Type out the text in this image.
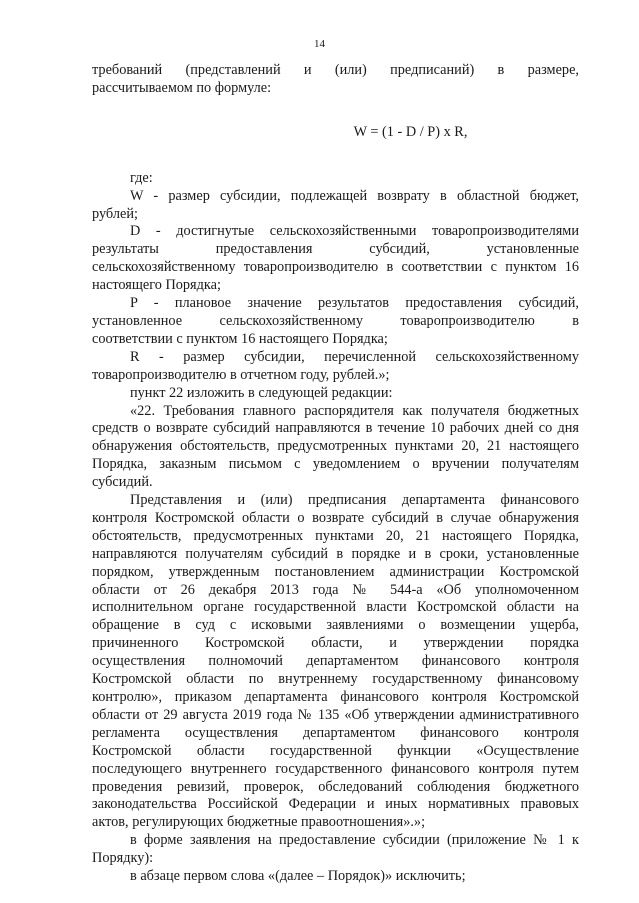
14

требований (представлений и (или) предписаний) в размере,

рассчитываемом по формуле:

W = (1 - D / P) x R,

где:

W - размер субсидии, подлежащей возврату в областной бюджет,

рублей;

D - достигнутые сельскохозяйственными товаропроизводителями

результаты предоставления субсидий, установленные

сельскохозяйственному товаропроизводителю в соответствии с пунктом 16

настоящего Порядка;

P - плановое значение результатов предоставления субсидий,

установленное сельскохозяйственному товаропроизводителю в

соответствии с пунктом 16 настоящего Порядка;

R - размер субсидии, перечисленной сельскохозяйственному

товаропроизводителю в отчетном году, рублей.»;

пункт 22 изложить в следующей редакции:

«22. Требования главного распорядителя как получателя бюджетных

средств о возврате субсидий направляются в течение 10 рабочих дней со дня

обнаружения обстоятельств, предусмотренных пунктами 20, 21 настоящего

Порядка, заказным письмом с уведомлением о вручении получателям

субсидий.

Представления и (или) предписания департамента финансового

контроля Костромской области о возврате субсидий в случае обнаружения

обстоятельств, предусмотренных пунктами 20, 21 настоящего Порядка,

направляются получателям субсидий в порядке и в сроки, установленные

порядком, утвержденным постановлением администрации Костромской

области от 26 декабря 2013 года № 544-а «Об уполномоченном

исполнительном органе государственной власти Костромской области на

обращение в суд с исковыми заявлениями о возмещении ущерба,

причиненного Костромской области, и утверждении порядка

осуществления полномочий департаментом финансового контроля

Костромской области по внутреннему государственному финансовому

контролю», приказом департамента финансового контроля Костромской

области от 29 августа 2019 года № 135 «Об утверждении административного

регламента осуществления департаментом финансового контроля

Костромской области государственной функции «Осуществление

последующего внутреннего государственного финансового контроля путем

проведения ревизий, проверок, обследований соблюдения бюджетного

законодательства Российской Федерации и иных нормативных правовых

актов, регулирующих бюджетные правоотношения».»;

в форме заявления на предоставление субсидии (приложение № 1 к

Порядку):

в абзаце первом слова «(далее – Порядок)» исключить;
